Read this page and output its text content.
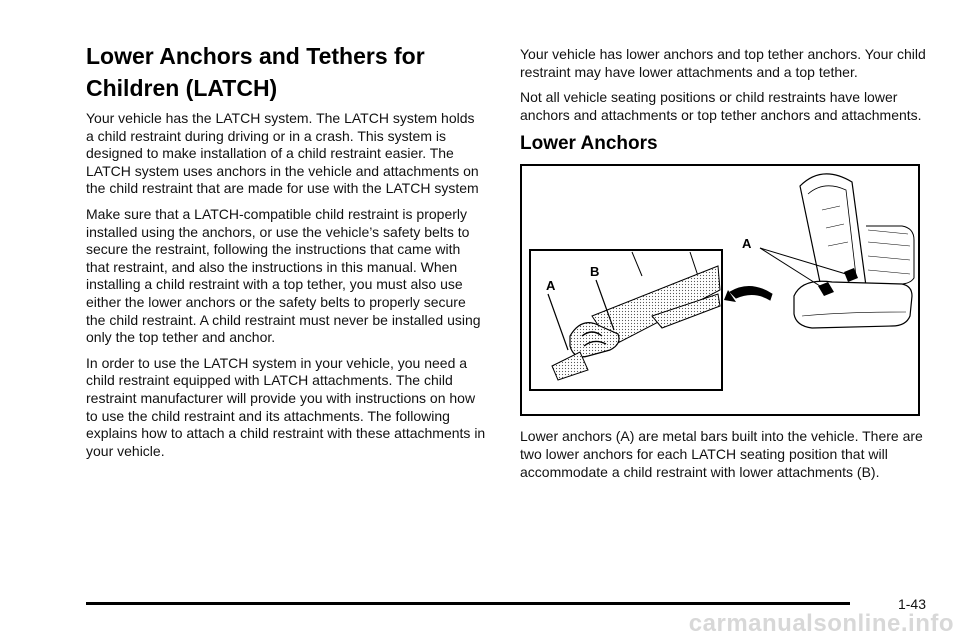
Lower Anchors and Tethers for
Children (LATCH)

Your vehicle has the LATCH system. The LATCH system holds a child restraint during driving or in a crash. This system is designed to make installation of a child restraint easier. The LATCH system uses anchors in the vehicle and attachments on the child restraint that are made for use with the LATCH system

Make sure that a LATCH-compatible child restraint is properly installed using the anchors, or use the vehicle’s safety belts to secure the restraint, following the instructions that came with that restraint, and also the instructions in this manual. When installing a child restraint with a top tether, you must also use either the lower anchors or the safety belts to properly secure the child restraint. A child restraint must never be installed using only the top tether and anchor.

In order to use the LATCH system in your vehicle, you need a child restraint equipped with LATCH attachments. The child restraint manufacturer will provide you with instructions on how to use the child restraint and its attachments. The following explains how to attach a child restraint with these attachments in your vehicle.

Your vehicle has lower anchors and top tether anchors. Your child restraint may have lower attachments and a top tether.

Not all vehicle seating positions or child restraints have lower anchors and attachments or top tether anchors and attachments.

Lower Anchors
A
B
A

Lower anchors (A) are metal bars built into the vehicle. There are two lower anchors for each LATCH seating position that will accommodate a child restraint with lower attachments (B).

1-43
carmanualsonline.info
